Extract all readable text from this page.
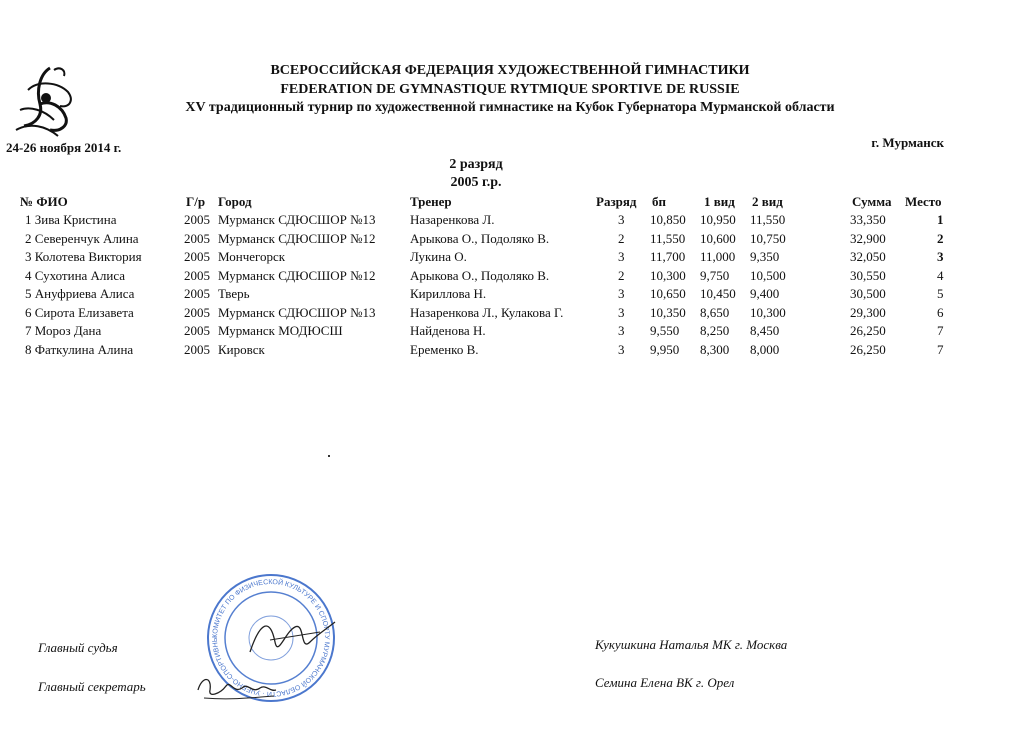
ВСЕРОССИЙСКАЯ ФЕДЕРАЦИЯ ХУДОЖЕСТВЕННОЙ ГИМНАСТИКИ
FEDERATION DE GYMNASTIQUE RYTMIQUE SPORTIVE DE RUSSIE
XV традиционный турнир по художественной гимнастике на Кубок Губернатора Мурманской области
24-26 ноября 2014 г.	г. Мурманск
2 разряд
2005 г.р.
№ ФИО	Г/р Город	Тренер	Разряд бп	1 вид 2 вид	Сумма Место
1 Зива Кристина	2005 Мурманск СДЮСШОР №13	Назаренкова Л.	3 10,850 10,950 11,550	33,350	1
2 Северенчук Алина	2005 Мурманск СДЮСШОР №12	Арыкова О., Подоляко В.	2 11,550 10,600 10,750	32,900	2
3 Колотева Виктория	2005 Мончегорск	Лукина О.	3 11,700 11,000 9,350	32,050	3
4 Сухотина Алиса	2005 Мурманск СДЮСШОР №12	Арыкова О., Подоляко В.	2 10,300 9,750 10,500	30,550	4
5 Ануфриева Алиса	2005 Тверь	Кириллова Н.	3 10,650 10,450 9,400	30,500	5
6 Сирота Елизавета	2005 Мурманск СДЮСШОР №13	Назаренкова Л., Кулакова Г.	3 10,350 8,650 10,300	29,300	6
7 Мороз Дана	2005 Мурманск МОДЮСШ	Найденова Н.	3 9,550 8,250 8,450	26,250	7
8 Фаткулина Алина	2005 Кировск	Еременко В.	3 9,950 8,300 8,000	26,250	7
КОМИТЕТ ПО ФИЗИЧЕСКОЙ КУЛЬТУРЕ И СПОРТУ МУРМАНСКОЙ ОБЛАСТИ · УЧЕБНО-СПОРТИВНЫ
Главный судья
Главный секретарь
Кукушкина Наталья МК г. Москва
Семина Елена ВК г. Орел
